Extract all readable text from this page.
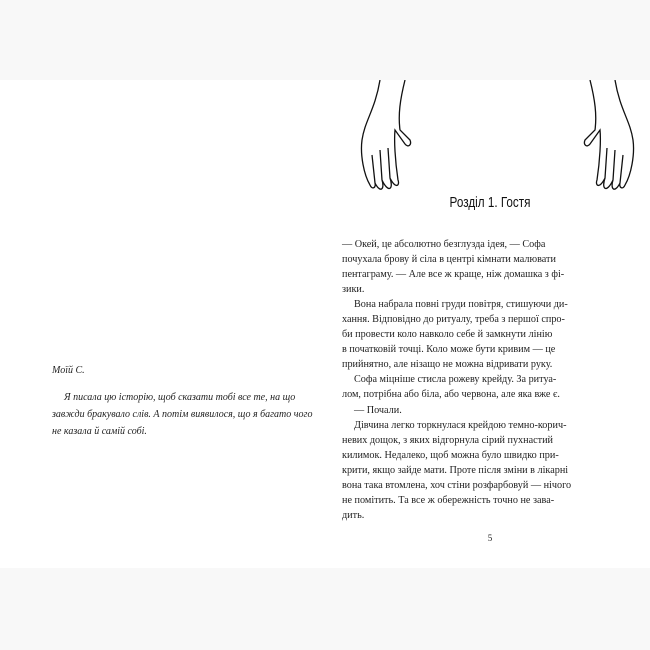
Моїй С.
Я писала цю історію, щоб сказати тобі все те, на що
завжди бракувало слів. А потім виявилося, що я багато чого
не казала й самій собі.
Розділ 1. Гостя
— Окей, це абсолютно безглузда ідея, — Софа
почухала брову й сіла в центрі кімнати малювати
пентаграму. — Але все ж краще, ніж домашка з фі-
зики.
Вона набрала повні груди повітря, стишуючи ди-
хання. Відповідно до ритуалу, треба з першої спро-
би провести коло навколо себе й замкнути лінію
в початковій точці. Коло може бути кривим — це
прийнятно, але нізащо не можна відривати руку.
Софа міцніше стисла рожеву крейду. За ритуа-
лом, потрібна або біла, або червона, але яка вже є.
— Почали.
Дівчина легко торкнулася крейдою темно-корич-
невих дощок, з яких відгорнула сірий пухнастий
килимок. Недалеко, щоб можна було швидко при-
крити, якщо зайде мати. Проте після зміни в лікарні
вона така втомлена, хоч стіни розфарбовуй — нічого
не помітить. Та все ж обережність точно не зава-
дить.
5
